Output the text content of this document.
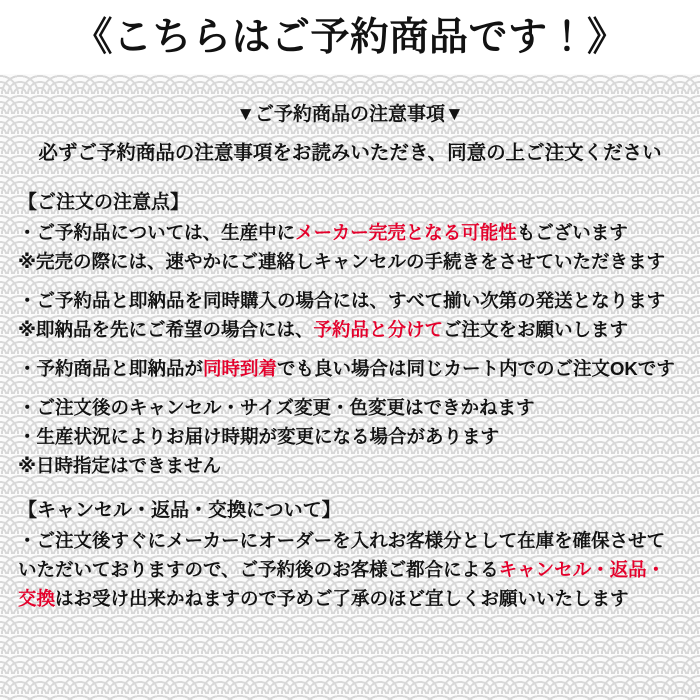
《こちらはご予約商品です！》
▼ご予約商品の注意事項▼
必ずご予約商品の注意事項をお読みいただき、同意の上ご注文ください
【ご注文の注意点】
・ご予約品については、生産中にメーカー完売となる可能性もございます
※完売の際には、速やかにご連絡しキャンセルの手続きをさせていただきます
・ご予約品と即納品を同時購入の場合には、すべて揃い次第の発送となります
※即納品を先にご希望の場合には、予約品と分けてご注文をお願いします
・予約商品と即納品が同時到着でも良い場合は同じカート内でのご注文OKです
・ご注文後のキャンセル・サイズ変更・色変更はできかねます
・生産状況によりお届け時期が変更になる場合があります
※日時指定はできません
【キャンセル・返品・交換について】
・ご注文後すぐにメーカーにオーダーを入れお客様分として在庫を確保させていただいておりますので、ご予約後のお客様ご都合によるキャンセル・返品・交換はお受け出来かねますので予めご了承のほど宜しくお願いいたします
